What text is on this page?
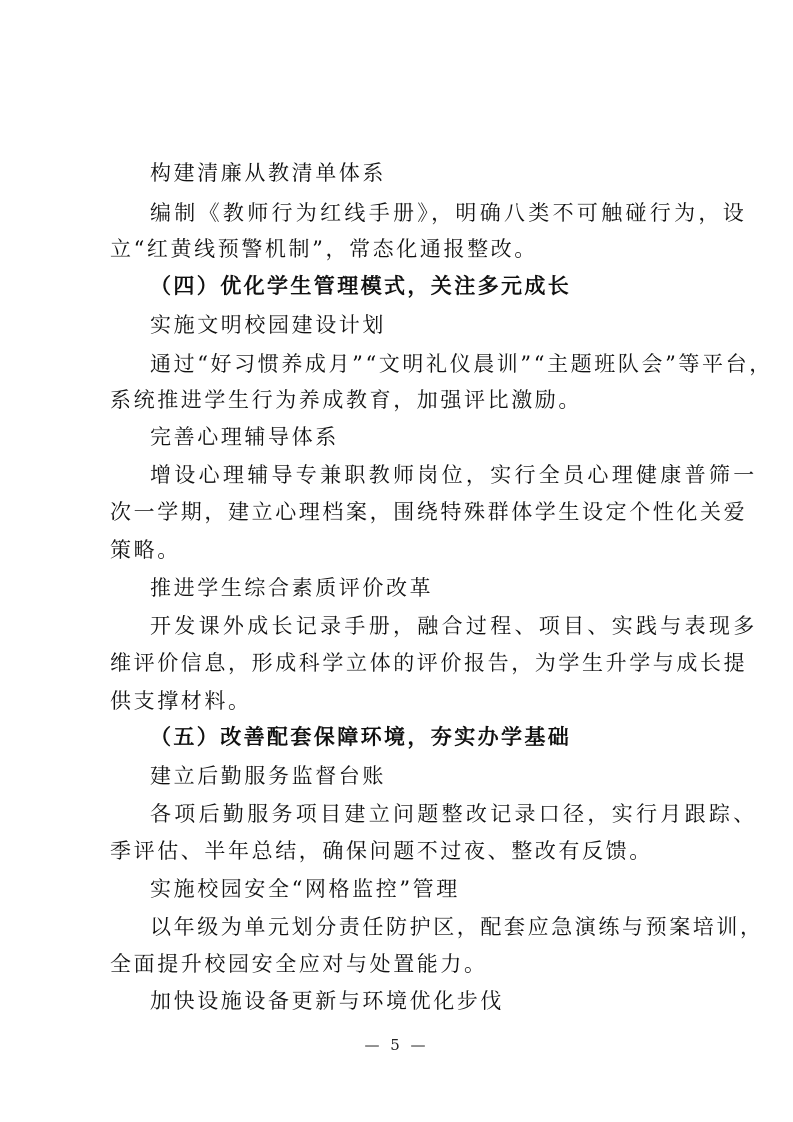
构建清廉从教清单体系
编制《教师行为红线手册》，明确八类不可触碰行为，设
立“红黄线预警机制”，常态化通报整改。
（四）优化学生管理模式，关注多元成长
实施文明校园建设计划
通过“好习惯养成月”“文明礼仪晨训”“主题班队会”等平台，
系统推进学生行为养成教育，加强评比激励。
完善心理辅导体系
增设心理辅导专兼职教师岗位，实行全员心理健康普筛一
次一学期，建立心理档案，围绕特殊群体学生设定个性化关爱
策略。
推进学生综合素质评价改革
开发课外成长记录手册，融合过程、项目、实践与表现多
维评价信息，形成科学立体的评价报告，为学生升学与成长提
供支撑材料。
（五）改善配套保障环境，夯实办学基础
建立后勤服务监督台账
各项后勤服务项目建立问题整改记录口径，实行月跟踪、
季评估、半年总结，确保问题不过夜、整改有反馈。
实施校园安全“网格监控”管理
以年级为单元划分责任防护区，配套应急演练与预案培训，
全面提升校园安全应对与处置能力。
加快设施设备更新与环境优化步伐
— 5 —
